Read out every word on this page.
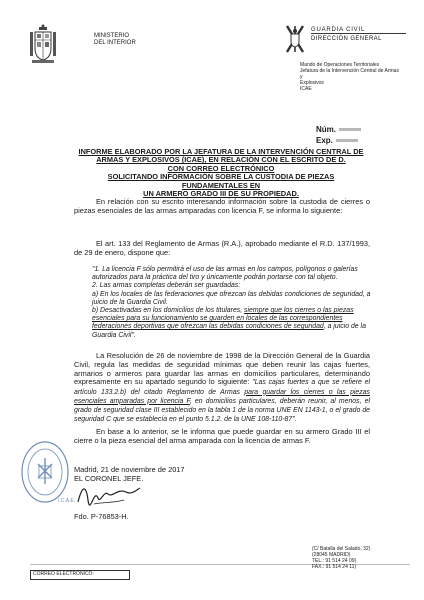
MINISTERIO
DEL INTERIOR
GUARDIA CIVIL
DIRECCIÓN GENERAL
Mando de Operaciones Territoriales
Jefatura de la Intervención Central de Armas y
Explosivos
ICAE
Núm.
Exp.
INFORME ELABORADO POR LA JEFATURA DE LA INTERVENCIÓN CENTRAL DE
ARMAS Y EXPLOSIVOS (ICAE), EN RELACIÓN CON EL ESCRITO DE D.
CON CORREO ELECTRÓNICO
SOLICITANDO INFORMACIÓN SOBRE LA CUSTODIA DE PIEZAS FUNDAMENTALES EN
UN ARMERO GRADO III DE SU PROPIEDAD.
En relación con su escrito interesando información sobre la custodia de cierres o piezas esenciales de las armas amparadas con licencia F, se informa lo siguiente:
El art. 133 del Reglamento de Armas (R.A.), aprobado mediante el R.D. 137/1993, de 29 de enero, dispone que:
"1. La licencia F sólo permitirá el uso de las armas en los campos, polígonos o galerías autorizados para la práctica del tiro y únicamente podrán portarse con tal objeto.
2. Las armas completas deberán ser guardadas:
a) En los locales de las federaciones que ofrezcan las debidas condiciones de seguridad, a juicio de la Guardia Civil.
b) Desactivadas en los domicilios de los titulares, siempre que los cierres o las piezas esenciales para su funcionamiento se guarden en locales de las correspondientes federaciones deportivas que ofrezcan las debidas condiciones de seguridad, a juicio de la Guardia Civil".
La Resolución de 26 de noviembre de 1998 de la Dirección General de la Guardia Civil, regula las medidas de seguridad mínimas que deben reunir las cajas fuertes, armarios o armeros para guardar las armas en domicilios particulares, determinando expresamente en su apartado segundo lo siguiente: "Las cajas fuertes a que se refiere el artículo 133.2.b) del citado Reglamento de Armas para guardar los cierres o las piezas esenciales amparadas por licencia F, en domicilios particulares, deberán reunir, al menos, el grado de seguridad clase III establecido en la tabla 1 de la norma UNE EN 1143-1, o el grado de seguridad C que se establecía en el punto 5.1.2. de la UNE 108-110-87".
En base a lo anterior, se le informa que puede guardar en su armero Grado III el cierre o la pieza esencial del arma amparada con la licencia de armas F.
Madrid, 21 de noviembre de 2017
EL CORONEL JEFE.
I.C.A.E.
Fdo. P-76853-H.
CORREO ELECTRÓNICO:
(C/ Batalla del Salado, 32)
(28045 MADRID)
TEL.: 91 514 24 09)
FAX.: 91 514 24 11)
